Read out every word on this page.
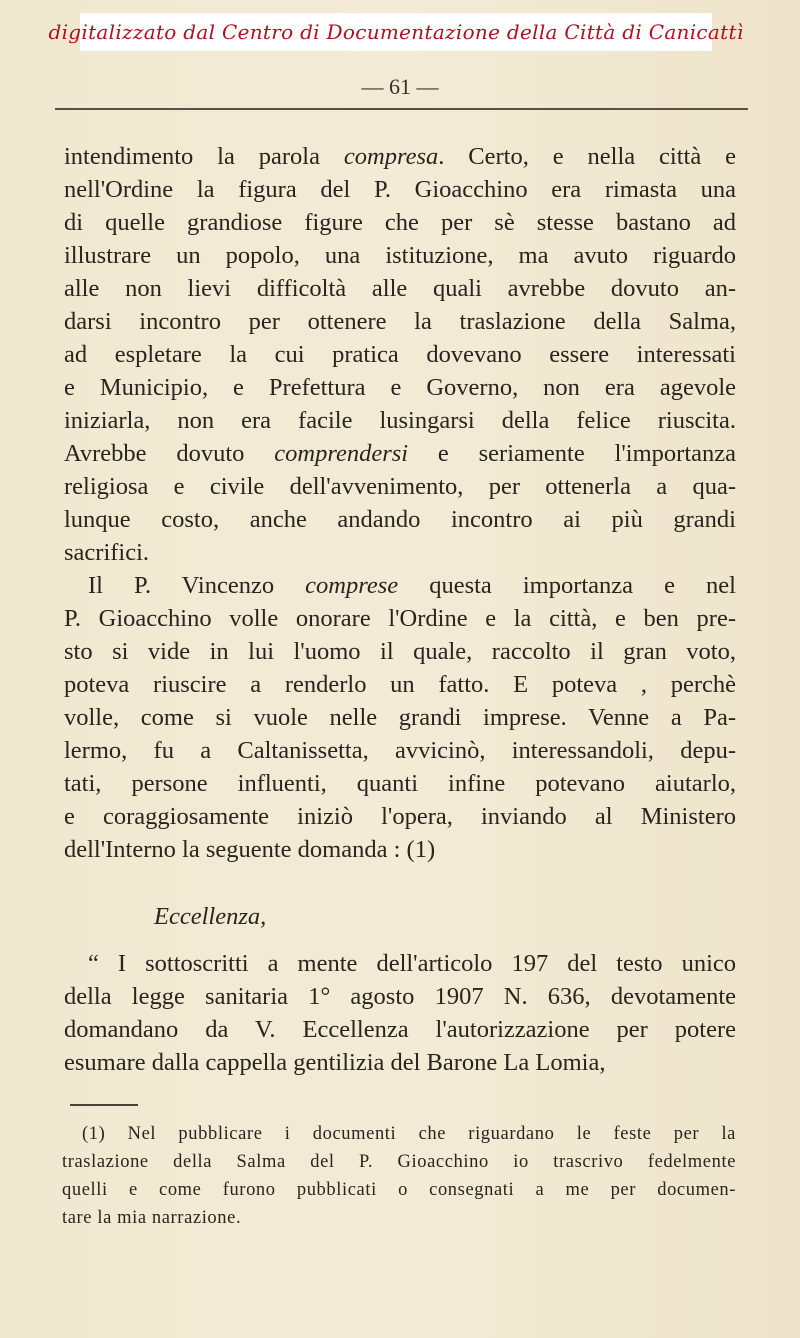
digitalizzato dal Centro di Documentazione della Città di Canicattì
— 61 —
intendimento la parola compresa. Certo, e nella città e
nell'Ordine la figura del P. Gioacchino era rimasta una
di quelle grandiose figure che per sè stesse bastano ad
illustrare un popolo, una istituzione, ma avuto riguardo
alle non lievi difficoltà alle quali avrebbe dovuto an-
darsi incontro per ottenere la traslazione della Salma,
ad espletare la cui pratica dovevano essere interessati
e Municipio, e Prefettura e Governo, non era agevole
iniziarla, non era facile lusingarsi della felice riuscita.
Avrebbe dovuto comprendersi e seriamente l'importanza
religiosa e civile dell'avvenimento, per ottenerla a qua-
lunque costo, anche andando incontro ai più grandi
sacrifici.
Il P. Vincenzo comprese questa importanza e nel
P. Gioacchino volle onorare l'Ordine e la città, e ben pre-
sto si vide in lui l'uomo il quale, raccolto il gran voto,
poteva riuscire a renderlo un fatto. E poteva , perchè
volle, come si vuole nelle grandi imprese. Venne a Pa-
lermo, fu a Caltanissetta, avvicinò, interessandoli, depu-
tati, persone influenti, quanti infine potevano aiutarlo,
e coraggiosamente iniziò l'opera, inviando al Ministero
dell'Interno la seguente domanda : (1)
Eccellenza,
“ I sottoscritti a mente dell'articolo 197 del testo unico
della legge sanitaria 1° agosto 1907 N. 636, devotamente
domandano da V. Eccellenza l'autorizzazione per potere
esumare dalla cappella gentilizia del Barone La Lomia,
(1) Nel pubblicare i documenti che riguardano le feste per la
traslazione della Salma del P. Gioacchino io trascrivo fedelmente
quelli e come furono pubblicati o consegnati a me per documen-
tare la mia narrazione.
